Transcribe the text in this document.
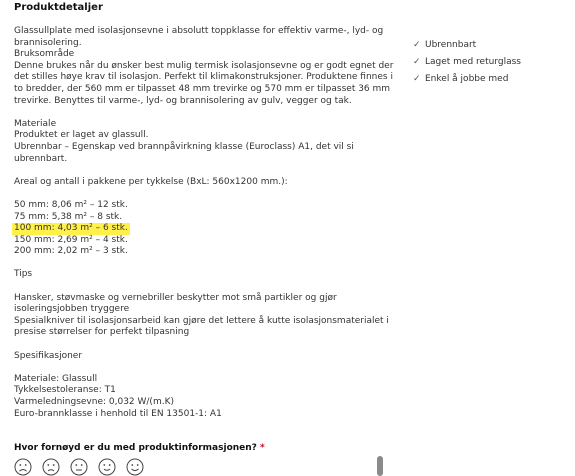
Produktdetaljer
Glassullplate med isolasjonsevne i absolutt toppklasse for effektiv varme-, lyd- og
brannisolering.
Bruksområde
Denne brukes når du ønsker best mulig termisk isolasjonsevne og er godt egnet der
det stilles høye krav til isolasjon. Perfekt til klimakonstruksjoner. Produktene finnes i
to bredder, der 560 mm er tilpasset 48 mm trevirke og 570 mm er tilpasset 36 mm
trevirke. Benyttes til varme-, lyd- og brannisolering av gulv, vegger og tak.
Materiale
Produktet er laget av glassull.
Ubrennbar – Egenskap ved brannpåvirkning klasse (Euroclass) A1, det vil si
ubrennbart.
Areal og antall i pakkene per tykkelse (BxL: 560x1200 mm.):
50 mm: 8,06 m² – 12 stk.
75 mm: 5,38 m² – 8 stk.
100 mm: 4,03 m² – 6 stk.
150 mm: 2,69 m² – 4 stk.
200 mm: 2,02 m² – 3 stk.
Tips
Hansker, støvmaske og vernebriller beskytter mot små partikler og gjør
isoleringsjobben tryggere
Spesialkniver til isolasjonsarbeid kan gjøre det lettere å kutte isolasjonsmaterialet i
presise størrelser for perfekt tilpasning
Spesifikasjoner
Materiale: Glassull
Tykkelsestoleranse: T1
Varmeledningsevne: 0,032 W/(m.K)
Euro-brannklasse i henhold til EN 13501-1: A1
✓ Ubrennbart
✓ Laget med returglass
✓ Enkel å jobbe med
Hvor fornøyd er du med produktinformasjonen? *
